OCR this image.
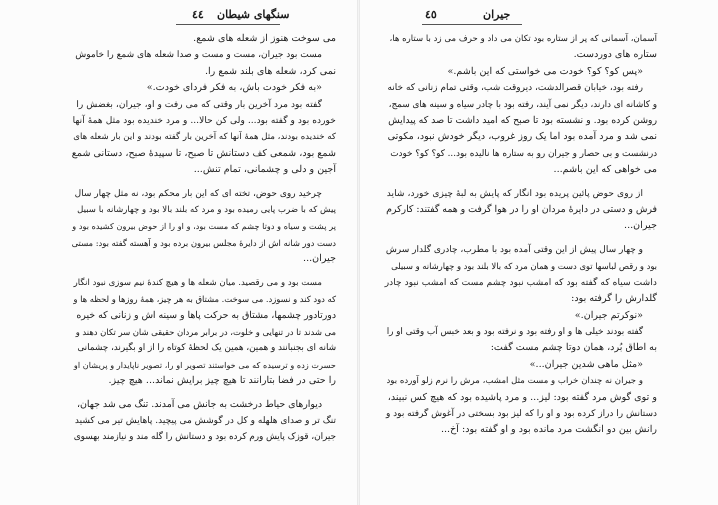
٤٤ سنگهای شیطان

می سوخت هنوز از شعله های شمع.

مست بود جیران، مست و مست و صدا شعله های شمع را خاموش

نمی کرد، شعله های بلند شمع را.

«به فکر خودت باش، به فکر فردای خودت.»

گفته بود مرد آخرین بار وقتی که می رفت و او، جیران، بغضش را

خورده بود و گفته بود... ولی کن حالا... و مرد خندیده بود مثل همهٔ آنها

که خندیده بودند، مثل همهٔ آنها که آخرین بار گفته بودند و این بار شعله های

شمع بود، شمعی کف دستانش تا صبح، تا سپیدهٔ صبح، دستانی شمع

آجین و دلی و چشمانی، تمام تنش...

چرخید روی حوض، تخته ای که این بار محکم بود، نه مثل چهار سال

پیش که با ضرب پایی رمیده بود و مرد که بلند بالا بود و چهارشانه با سبیل

پر پشت و سیاه و دوتا چشم که مست بود، و او را از حوض بیرون کشیده بود و

دست دور شانه اش از دایرهٔ مجلس بیرون برده بود و آهسته گفته بود: مستی

جیران...

مست بود و می رقصید. میان شعله ها و هیچ کندهٔ نیم سوزی نبود انگار

که دود کند و نسوزد. می سوخت. مشتاق به هر چیز، همهٔ روزها و لحظه ها و

دورتادور چشمها، مشتاق به حرکت پاها و سینه اش و زنانی که خیره

می شدند تا در تنهایی و خلوت، در برابر مردان حقیقی شان سر تکان دهند و

شانه ای بجنبانند و همین، همین یک لحظهٔ کوتاه را از او بگیرند، چشمانی

حسرت زده و ترسیده که می خواستند تصویر او را، تصویر ناپایدار و پریشان او

را حتی در فضا بتارانند تا هیچ چیز برایش نماند... هیچ چیز.

دیوارهای حیاط درخشت به جانش می آمدند. تنگ می شد جهان،

تنگ تر و صدای هلهله و کل در گوشش می پیچید. پاهایش تیر می کشید

جیران، قوزک پایش ورم کرده بود و دستانش را گله مند و نیازمند بهسوی

٤٥	جیران

آسمان، آسمانی که پر از ستاره بود تکان می داد و حرف می زد با ستاره ها،

ستاره های دوردست.

«پس کو؟ کو؟ خودت می خواستی که این باشم.»

رفته بود، خیابان قصرالدشت، دیروقت شب، وقتی تمام زنانی که خانه

و کاشانه ای دارند، دیگر نمی آیند، رفته بود با چادر سیاه و سینه های سمج،

روشن کرده بود. و نشسته بود تا صبح که امید داشت تا صد که پیدایش

نمی شد و مرد آمده بود اما یک روز غروب، دیگر خودش نبود، مکوتی

درنشست و بی حصار و جیران رو به ستاره ها نالیده بود... کو؟ کو؟ خودت

می خواهی که این باشم...

از روی حوض پائین پریده بود انگار که پایش به لبهٔ چیزی خورد، شاید

فرش و دستی در دایرهٔ مردان او را در هوا گرفت و همه گفتند: کارکرم

جیران...

و چهار سال پیش از این وقتی آمده بود با مطرب، چادری گلدار سرش

بود و رقص لباسها توی دست و همان مرد که بالا بلند بود و چهارشانه و سبیلی

داشت سیاه که گفته بود که امشب نبود چشم مست که امشب نبود چادر

گلدارش را گرفته بود:

«نوکرتم جیران.»

گفته بودند خیلی ها و او رفته بود و نرفته بود و بعد خبس آب وقتی او را

به اطاق بُرد، همان دوتا چشم مست گفت:

«مثل ماهی شدین جیران...»

و جیران نه چندان خراب و مست مثل امشب، مرش را نرم زلو آورده بود

و توی گوش مرد گفته بود: لیز... و مرد پاشیده بود که هیچ کس نبیند،

دستانش را دراز کرده بود و او را که لیز بود بسختی در آغوش گرفته بود و

رانش بین دو انگشت مرد مانده بود و او گفته بود: آخ...
